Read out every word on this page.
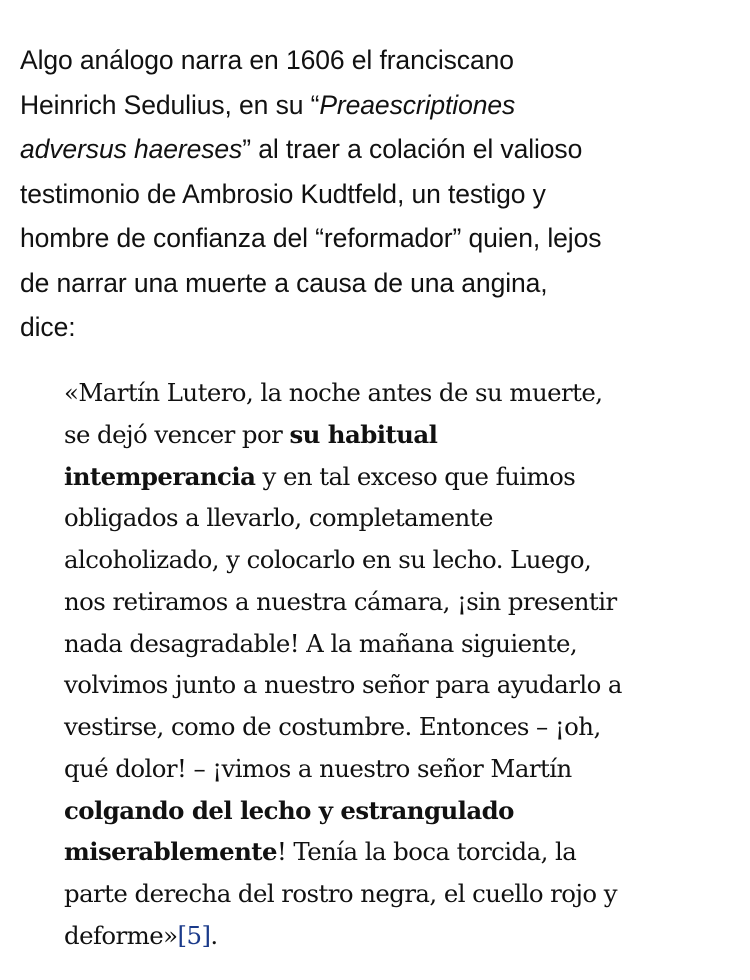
Algo análogo narra en 1606 el franciscano
Heinrich Sedulius, en su “Preaescriptiones
adversus haereses” al traer a colación el valioso
testimonio de Ambrosio Kudtfeld, un testigo y
hombre de confianza del “reformador” quien, lejos
de narrar una muerte a causa de una angina,
dice:

«Martín Lutero, la noche antes de su muerte,
se dejó vencer por su habitual
intemperancia y en tal exceso que fuimos
obligados a llevarlo, completamente
alcoholizado, y colocarlo en su lecho. Luego,
nos retiramos a nuestra cámara, ¡sin presentir
nada desagradable! A la mañana siguiente,
volvimos junto a nuestro señor para ayudarlo a
vestirse, como de costumbre. Entonces – ¡oh,
qué dolor! – ¡vimos a nuestro señor Martín
colgando del lecho y estrangulado
miserablemente! Tenía la boca torcida, la
parte derecha del rostro negra, el cuello rojo y
deforme»[5].
